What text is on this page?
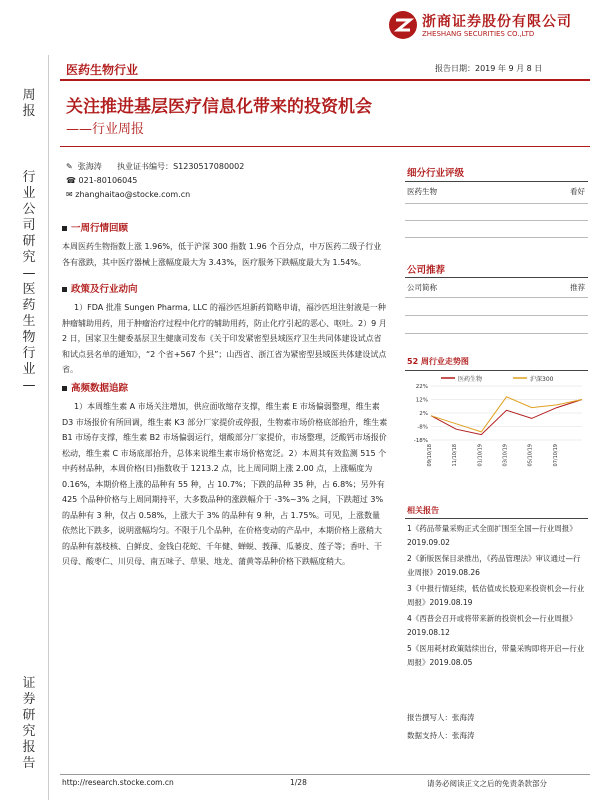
浙商证券股份有限公司
ZHESHANG SECURITIES CO.,LTD
医药生物行业	报告日期：2019 年 9 月 8 日
周报
行业公司研究—医药生物行业—
证券研究报告
关注推进基层医疗信息化带来的投资机会
——行业周报
✎ 张海涛 执业证书编号：S1230517080002
☎ 021-80106045
✉ zhanghaitao@stocke.com.cn
一周行情回顾
本周医药生物指数上涨 1.96%，低于沪深 300 指数 1.96 个百分点，中万医药二级子行业各有涨跌，其中医疗器械上涨幅度最大为 3.43%，医疗服务下跌幅度最大为 1.54%。
政策及行业动向
1）FDA 批准 Sungen Pharma, LLC 的福沙匹坦新药简略申请，福沙匹坦注射液是一种肿瘤辅助用药，用于肿瘤治疗过程中化疗的辅助用药，防止化疗引起的恶心、呕吐。2）9 月 2 日，国家卫生健委基层卫生健康司发布《关于印发紧密型县域医疗卫生共同体建设试点省和试点县名单的通知》，“2 个省+567 个县”；山西省、浙江省为紧密型县域医共体建设试点省。
高频数据追踪
1）本周维生素 A 市场关注增加，供应面收缩存支撑，维生素 E 市场偏弱整理，维生素 D3 市场报价有所回调，维生素 K3 部分厂家提价或停报，生物素市场价格底部抬升，维生素 B1 市场存支撑，维生素 B2 市场偏弱运行，烟酸部分厂家提价，市场整理，泛酸钙市场报价松动，维生素 C 市场底部抬升，总体来说维生素市场价格宽泛。2）本周其有效监测 515 个中药材品种，本周价格(日)指数收于 1213.2 点，比上周同期上涨 2.00 点，上涨幅度为 0.16%，本期价格上涨的品种有 55 种，占 10.7%；下跌的品种 35 种，占 6.8%；另外有 425 个品种价格与上周同期持平，大多数品种的涨跌幅介于 -3%~3% 之间，下跌超过 3% 的品种有 3 种，仅占 0.58%，上涨大于 3% 的品种有 9 种，占 1.75%。可见，上涨数量依然比下跌多，说明涨幅均匀。不限于几个品种，在价格变动的产品中，本期价格上涨稍大的品种有荔枝核、白鲜皮、金钱白花蛇、千年健、蝉蜕、莪蘀、瓜蒌皮、莲子等；香叶、干贝母、酸枣仁、川贝母、南五味子、草果、地龙、蒲黄等品种价格下跌幅度稍大。
细分行业评级
医药生物	看好
公司推荐
公司简称	推荐
52 周行业走势图
医药生物	沪深300
22%
12%
2%
-8%
-18%
09/10/18	11/10/18	01/10/19	03/10/19	05/10/19	07/10/19
相关报告
1《药品带量采购正式全面扩围至全国—行业周报》2019.09.02
2《新版医保目录推出，《药品管理法》审议通过—行业周报》2019.08.26
3《中报行情延续，低估值成长股迎来投资机会—行业周报》2019.08.19
4《西普会召开或将带来新的投资机会—行业周报》2019.08.12
5《医用耗材政策陆续出台，带量采购即将开启—行业周报》2019.08.05
报告撰写人：张海涛
数据支持人：张海涛
http://research.stocke.com.cn	1/28	请务必阅读正文之后的免责条款部分
